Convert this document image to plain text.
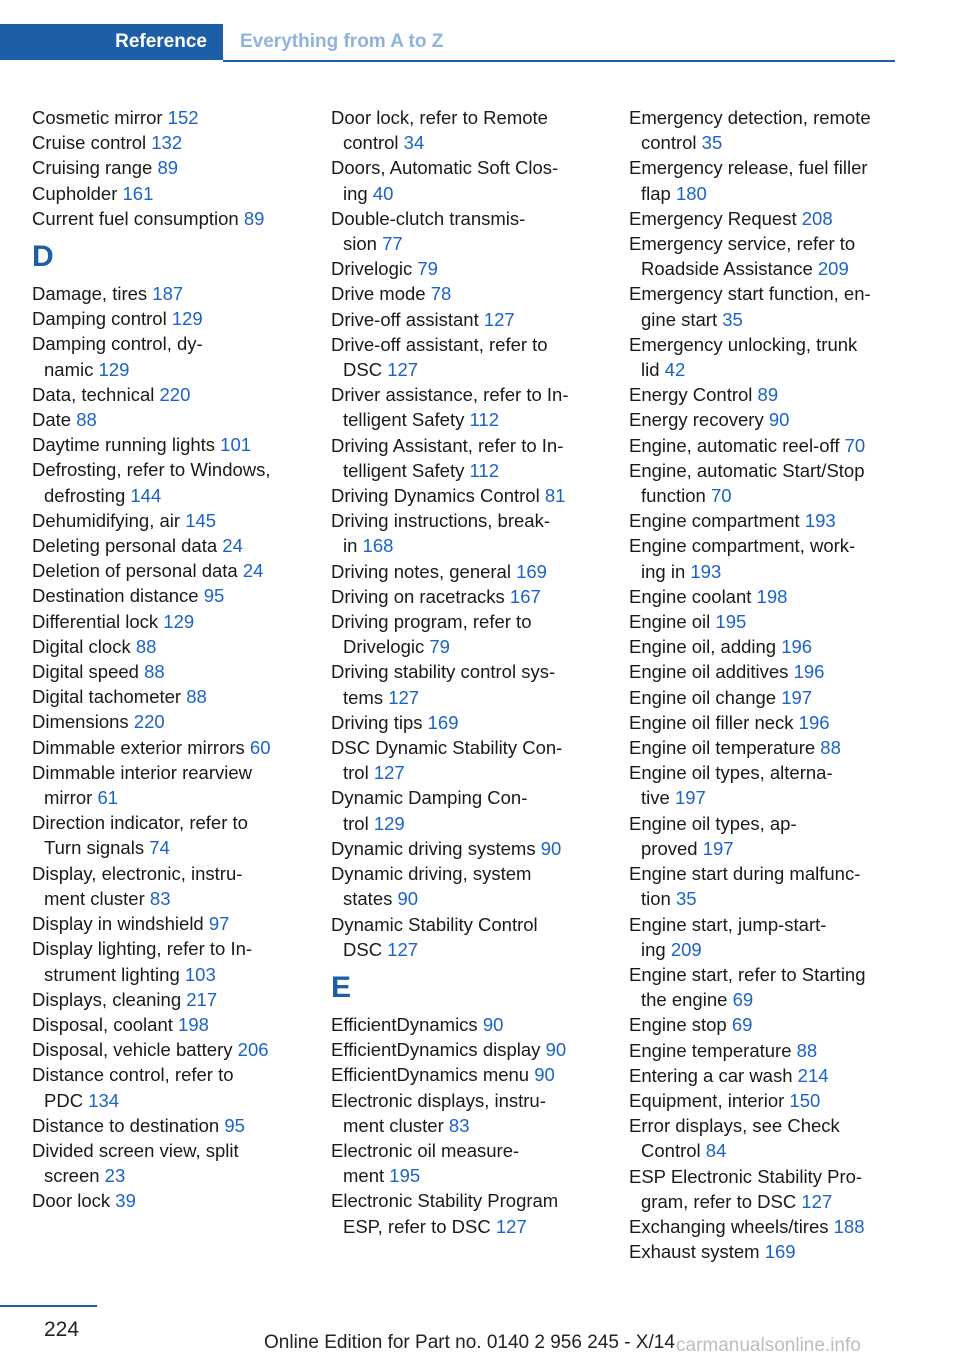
Reference	Everything from A to Z
Cosmetic mirror 152
Cruise control 132
Cruising range 89
Cupholder 161
Current fuel consumption 89
D
Damage, tires 187
Damping control 129
Damping control, dy‐
namic 129
Data, technical 220
Date 88
Daytime running lights 101
Defrosting, refer to Windows,
defrosting 144
Dehumidifying, air 145
Deleting personal data 24
Deletion of personal data 24
Destination distance 95
Differential lock 129
Digital clock 88
Digital speed 88
Digital tachometer 88
Dimensions 220
Dimmable exterior mirrors 60
Dimmable interior rearview
mirror 61
Direction indicator, refer to
Turn signals 74
Display, electronic, instru‐
ment cluster 83
Display in windshield 97
Display lighting, refer to In‐
strument lighting 103
Displays, cleaning 217
Disposal, coolant 198
Disposal, vehicle battery 206
Distance control, refer to
PDC 134
Distance to destination 95
Divided screen view, split
screen 23
Door lock 39
Door lock, refer to Remote
control 34
Doors, Automatic Soft Clos‐
ing 40
Double-clutch transmis‐
sion 77
Drivelogic 79
Drive mode 78
Drive-off assistant 127
Drive-off assistant, refer to
DSC 127
Driver assistance, refer to In‐
telligent Safety 112
Driving Assistant, refer to In‐
telligent Safety 112
Driving Dynamics Control 81
Driving instructions, break-
in 168
Driving notes, general 169
Driving on racetracks 167
Driving program, refer to
Drivelogic 79
Driving stability control sys‐
tems 127
Driving tips 169
DSC Dynamic Stability Con‐
trol 127
Dynamic Damping Con‐
trol 129
Dynamic driving systems 90
Dynamic driving, system
states 90
Dynamic Stability Control
DSC 127
E
EfficientDynamics 90
EfficientDynamics display 90
EfficientDynamics menu 90
Electronic displays, instru‐
ment cluster 83
Electronic oil measure‐
ment 195
Electronic Stability Program
ESP, refer to DSC 127
Emergency detection, remote
control 35
Emergency release, fuel filler
flap 180
Emergency Request 208
Emergency service, refer to
Roadside Assistance 209
Emergency start function, en‐
gine start 35
Emergency unlocking, trunk
lid 42
Energy Control 89
Energy recovery 90
Engine, automatic reel-off 70
Engine, automatic Start/Stop
function 70
Engine compartment 193
Engine compartment, work‐
ing in 193
Engine coolant 198
Engine oil 195
Engine oil, adding 196
Engine oil additives 196
Engine oil change 197
Engine oil filler neck 196
Engine oil temperature 88
Engine oil types, alterna‐
tive 197
Engine oil types, ap‐
proved 197
Engine start during malfunc‐
tion 35
Engine start, jump-start‐
ing 209
Engine start, refer to Starting
the engine 69
Engine stop 69
Engine temperature 88
Entering a car wash 214
Equipment, interior 150
Error displays, see Check
Control 84
ESP Electronic Stability Pro‐
gram, refer to DSC 127
Exchanging wheels/tires 188
Exhaust system 169
224
Online Edition for Part no. 0140 2 956 245 - X/14 carmanualsonline.info
